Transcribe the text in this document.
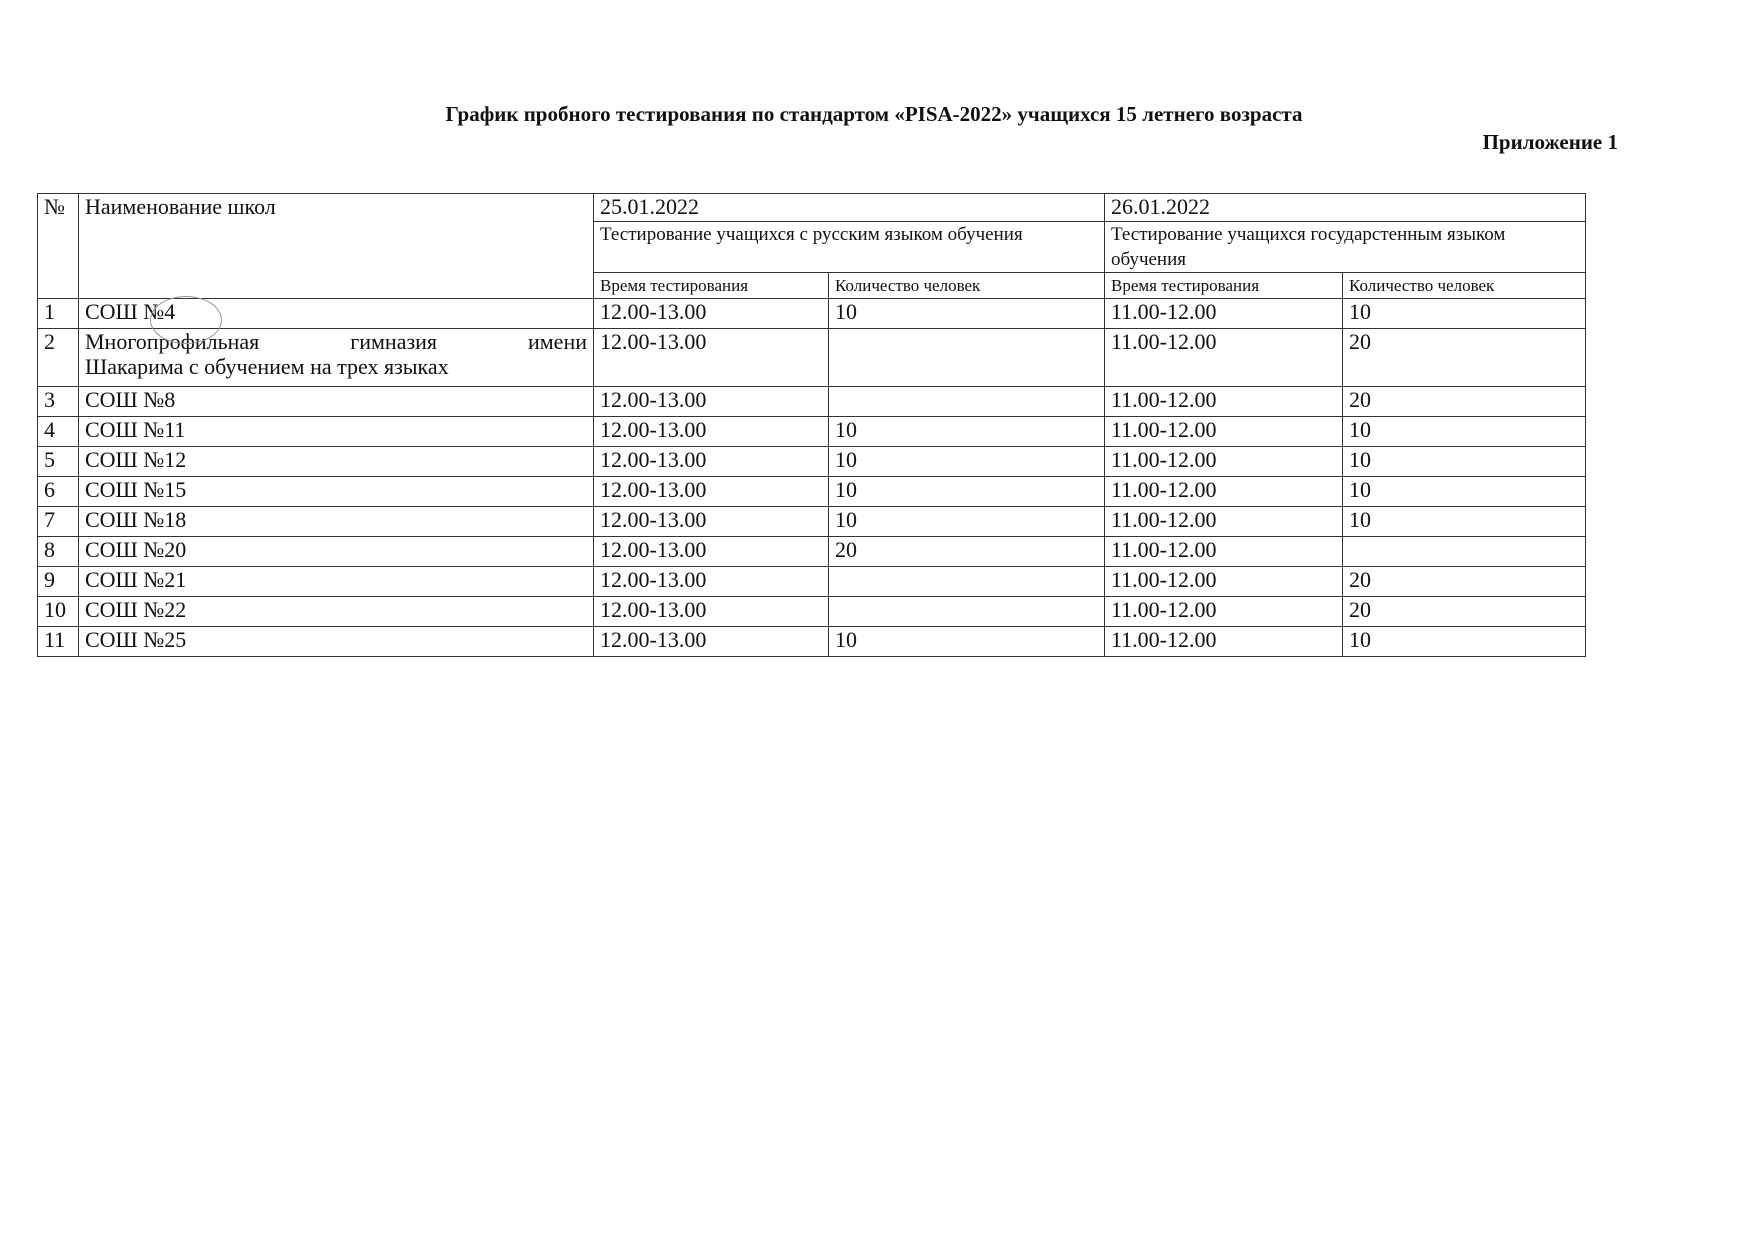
График пробного тестирования по стандартом «PISA-2022» учащихся 15 летнего возраста
Приложение 1
№	Наименование школ	25.01.2022		26.01.2022	
		Тестирование учащихся с русским языком обучения		Тестирование учащихся государстенным языком обучения	
		Время тестирования	Количество человек	Время тестирования	Количество человек
1	СОШ №4	12.00-13.00	10	11.00-12.00	10
2	Многопрофильная гимназия имени
Шакарима с обучением на трех языках	12.00-13.00		11.00-12.00	20
3	СОШ №8	12.00-13.00		11.00-12.00	20
4	СОШ №11	12.00-13.00	10	11.00-12.00	10
5	СОШ №12	12.00-13.00	10	11.00-12.00	10
6	СОШ №15	12.00-13.00	10	11.00-12.00	10
7	СОШ №18	12.00-13.00	10	11.00-12.00	10
8	СОШ №20	12.00-13.00	20	11.00-12.00	
9	СОШ №21	12.00-13.00		11.00-12.00	20
10	СОШ №22	12.00-13.00		11.00-12.00	20
11	СОШ №25	12.00-13.00	10	11.00-12.00	10
